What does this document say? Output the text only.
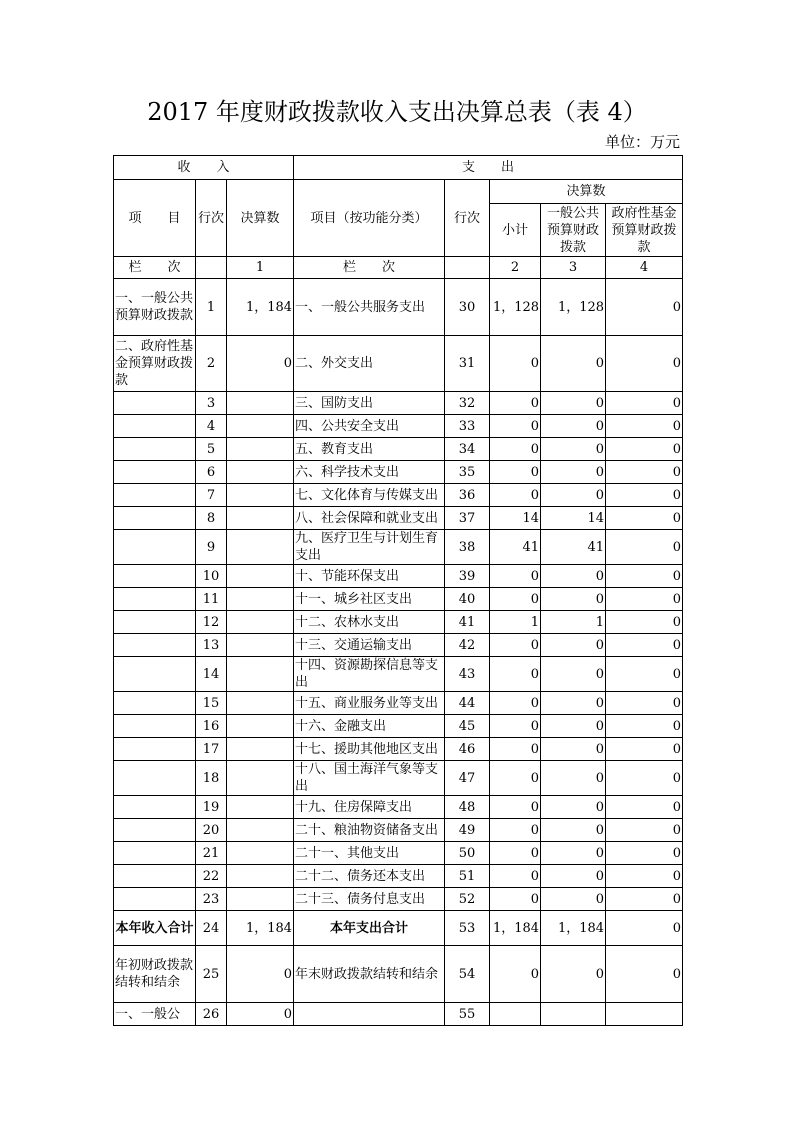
2017 年度财政拨款收入支出决算总表（表 4）
单位：万元
收　　入			支　　出				
项　　目	行次	决算数	项目（按功能分类）	行次	决算数		
					小计	一般公共预算财政拨款	政府性基金预算财政拨款
栏　　次		1	栏　　次		2	3	4
一、一般公共预算财政拨款	1	1，184	一、一般公共服务支出	30	1，128	1，128	0
二、政府性基金预算财政拨款	2	0	二、外交支出	31	0	0	0
	3		三、国防支出	32	0	0	0
	4		四、公共安全支出	33	0	0	0
	5		五、教育支出	34	0	0	0
	6		六、科学技术支出	35	0	0	0
	7		七、文化体育与传媒支出	36	0	0	0
	8		八、社会保障和就业支出	37	14	14	0
	9		九、医疗卫生与计划生育支出	38	41	41	0
	10		十、节能环保支出	39	0	0	0
	11		十一、城乡社区支出	40	0	0	0
	12		十二、农林水支出	41	1	1	0
	13		十三、交通运输支出	42	0	0	0
	14		十四、资源勘探信息等支出	43	0	0	0
	15		十五、商业服务业等支出	44	0	0	0
	16		十六、金融支出	45	0	0	0
	17		十七、援助其他地区支出	46	0	0	0
	18		十八、国土海洋气象等支出	47	0	0	0
	19		十九、住房保障支出	48	0	0	0
	20		二十、粮油物资储备支出	49	0	0	0
	21		二十一、其他支出	50	0	0	0
	22		二十二、债务还本支出	51	0	0	0
	23		二十三、债务付息支出	52	0	0	0
本年收入合计	24	1，184	本年支出合计	53	1，184	1，184	0
年初财政拨款结转和结余	25	0	年末财政拨款结转和结余	54	0	0	0
一、一般公	26	0		55			
